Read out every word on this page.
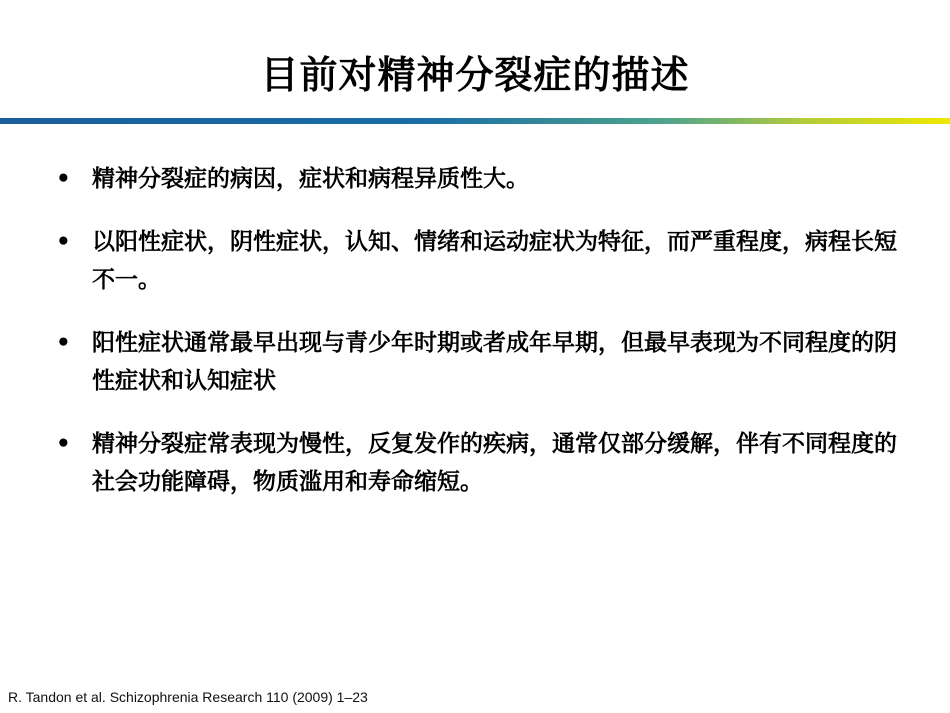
目前对精神分裂症的描述
• 精神分裂症的病因，症状和病程异质性大。
• 以阳性症状，阴性症状，认知、情绪和运动症状为特征，而严重程度，病程长短不一。
• 阳性症状通常最早出现与青少年时期或者成年早期，但最早表现为不同程度的阴性症状和认知症状
• 精神分裂症常表现为慢性，反复发作的疾病，通常仅部分缓解，伴有不同程度的社会功能障碍，物质滥用和寿命缩短。
R. Tandon et al. Schizophrenia Research 110 (2009) 1–23
